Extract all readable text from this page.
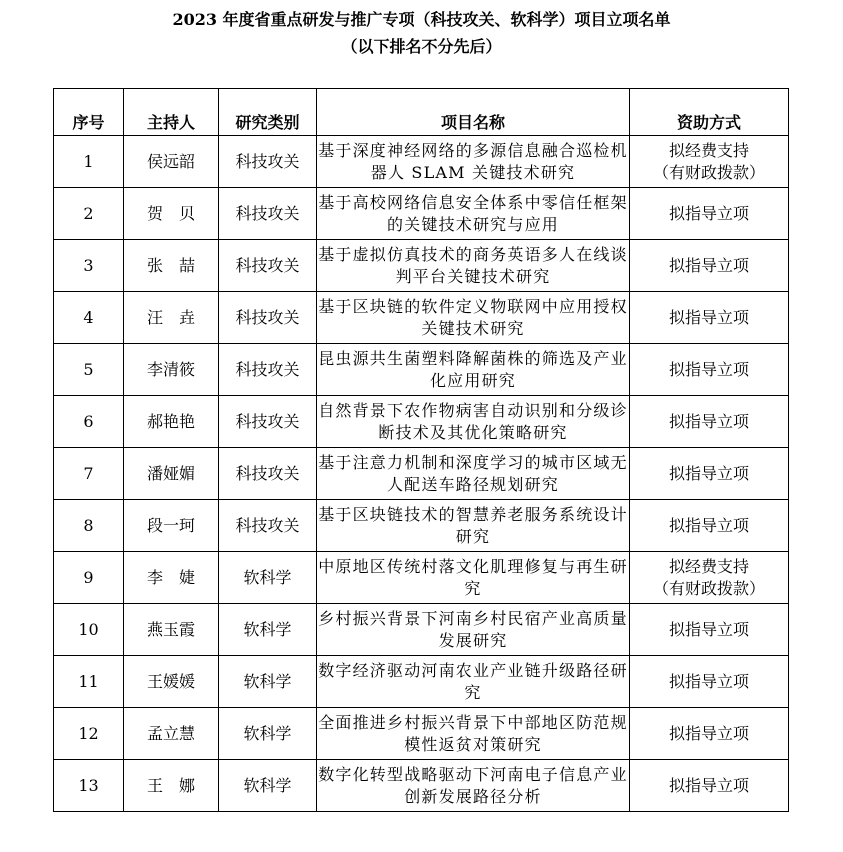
2023 年度省重点研发与推广专项（科技攻关、软科学）项目立项名单
（以下排名不分先后）
序号	主持人	研究类别	项目名称	资助方式
1	侯远韶	科技攻关	基于深度神经网络的多源信息融合巡检机器人 SLAM 关键技术研究	拟经费支持
（有财政拨款）

2	贺　贝	科技攻关	基于高校网络信息安全体系中零信任框架的关键技术研究与应用	拟指导立项

3	张　喆	科技攻关	基于虚拟仿真技术的商务英语多人在线谈判平台关键技术研究	拟指导立项

4	汪　垚	科技攻关	基于区块链的软件定义物联网中应用授权关键技术研究	拟指导立项

5	李清筱	科技攻关	昆虫源共生菌塑料降解菌株的筛选及产业化应用研究	拟指导立项

6	郝艳艳	科技攻关	自然背景下农作物病害自动识别和分级诊断技术及其优化策略研究	拟指导立项

7	潘娅媚	科技攻关	基于注意力机制和深度学习的城市区域无人配送车路径规划研究	拟指导立项

8	段一珂	科技攻关	基于区块链技术的智慧养老服务系统设计研究	拟指导立项

9	李　婕	软科学	中原地区传统村落文化肌理修复与再生研究	拟经费支持
（有财政拨款）

10	燕玉霞	软科学	乡村振兴背景下河南乡村民宿产业高质量发展研究	拟指导立项

11	王媛媛	软科学	数字经济驱动河南农业产业链升级路径研究	拟指导立项

12	孟立慧	软科学	全面推进乡村振兴背景下中部地区防范规模性返贫对策研究	拟指导立项

13	王　娜	软科学	数字化转型战略驱动下河南电子信息产业创新发展路径分析	拟指导立项
